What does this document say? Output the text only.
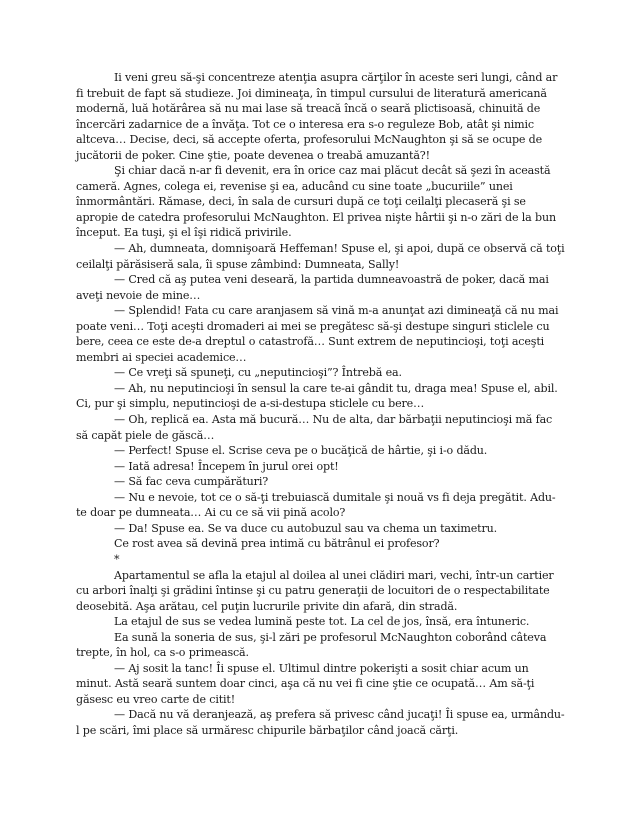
Ii veni greu să-şi concentreze atenţia asupra cărţilor în aceste seri lungi, când ar fi trebuit de fapt să studieze. Joi dimineaţa, în timpul cursului de literatură americană modernă, luă hotărârea să nu mai lase să treacă încă o seară plictisoasă, chinuită de încercări zadarnice de a învăţa. Tot ce o interesa era s-o reguleze Bob, atât şi nimic altceva… Decise, deci, să accepte oferta, profesorului McNaughton şi să se ocupe de jucătorii de poker. Cine ştie, poate devenea o treabă amuzantă?!

Şi chiar dacă n-ar fi devenit, era în orice caz mai plăcut decât să şezi în această cameră. Agnes, colega ei, revenise şi ea, aducând cu sine toate „bucuriile” unei înmormântări. Rămase, deci, în sala de cursuri după ce toţi ceilalţi plecaseră şi se apropie de catedra profesorului McNaughton. El privea nişte hârtii şi n-o zări de la bun început. Ea tuşi, şi el îşi ridică privirile.

— Ah, dumneata, domnişoară Heffeman! Spuse el, şi apoi, după ce observă că toţi ceilalţi părăsiseră sala, îi spuse zâmbind: Dumneata, Sally!

— Cred că aş putea veni deseară, la partida dumneavoastră de poker, dacă mai aveţi nevoie de mine…

— Splendid! Fata cu care aranjasem să vină m-a anunţat azi dimineaţă că nu mai poate veni… Toţi aceşti dromaderi ai mei se pregătesc să-şi destupe singuri sticlele cu bere, ceea ce este de-a dreptul o catastrofă… Sunt extrem de neputincioşi, toţi aceşti membri ai speciei academice…

— Ce vreţi să spuneţi, cu „neputincioşi”? Întrebă ea.

— Ah, nu neputincioşi în sensul la care te-ai gândit tu, draga mea! Spuse el, abil. Ci, pur şi simplu, neputincioşi de a-si-destupa sticlele cu bere…

— Oh, replică ea. Asta mă bucură… Nu de alta, dar bărbaţii neputincioşi mă fac să capăt piele de găscă…

— Perfect! Spuse el. Scrise ceva pe o bucăţică de hârtie, şi i-o dădu.

— Iată adresa! Începem în jurul orei opt!

— Să fac ceva cumpărături?

— Nu e nevoie, tot ce o să-ţi trebuiască dumitale şi nouă vs fi deja pregătit. Adu-te doar pe dumneata… Ai cu ce să vii pină acolo?

— Da! Spuse ea. Se va duce cu autobuzul sau va chema un taximetru.

Ce rost avea să devină prea intimă cu bătrânul ei profesor?

*

Apartamentul se afla la etajul al doilea al unei clădiri mari, vechi, într-un cartier cu arbori înalţi şi grădini întinse şi cu patru generaţii de locuitori de o respectabilitate deosebită. Aşa arătau, cel puţin lucrurile privite din afară, din stradă.

La etajul de sus se vedea lumină peste tot. La cel de jos, însă, era întuneric.

Ea sună la soneria de sus, şi-l zări pe profesorul McNaughton coborând câteva trepte, în hol, ca s-o primească.

— Aj sosit la tanc! Îi spuse el. Ultimul dintre pokerişti a sosit chiar acum un minut. Astă seară suntem doar cinci, aşa că nu vei fi cine ştie ce ocupată… Am să-ţi găsesc eu vreo carte de citit!

— Dacă nu vă deranjează, aş prefera să privesc când jucaţi! Îi spuse ea, urmându-l pe scări, îmi place să urmăresc chipurile bărbaţilor când joacă cărţi.
